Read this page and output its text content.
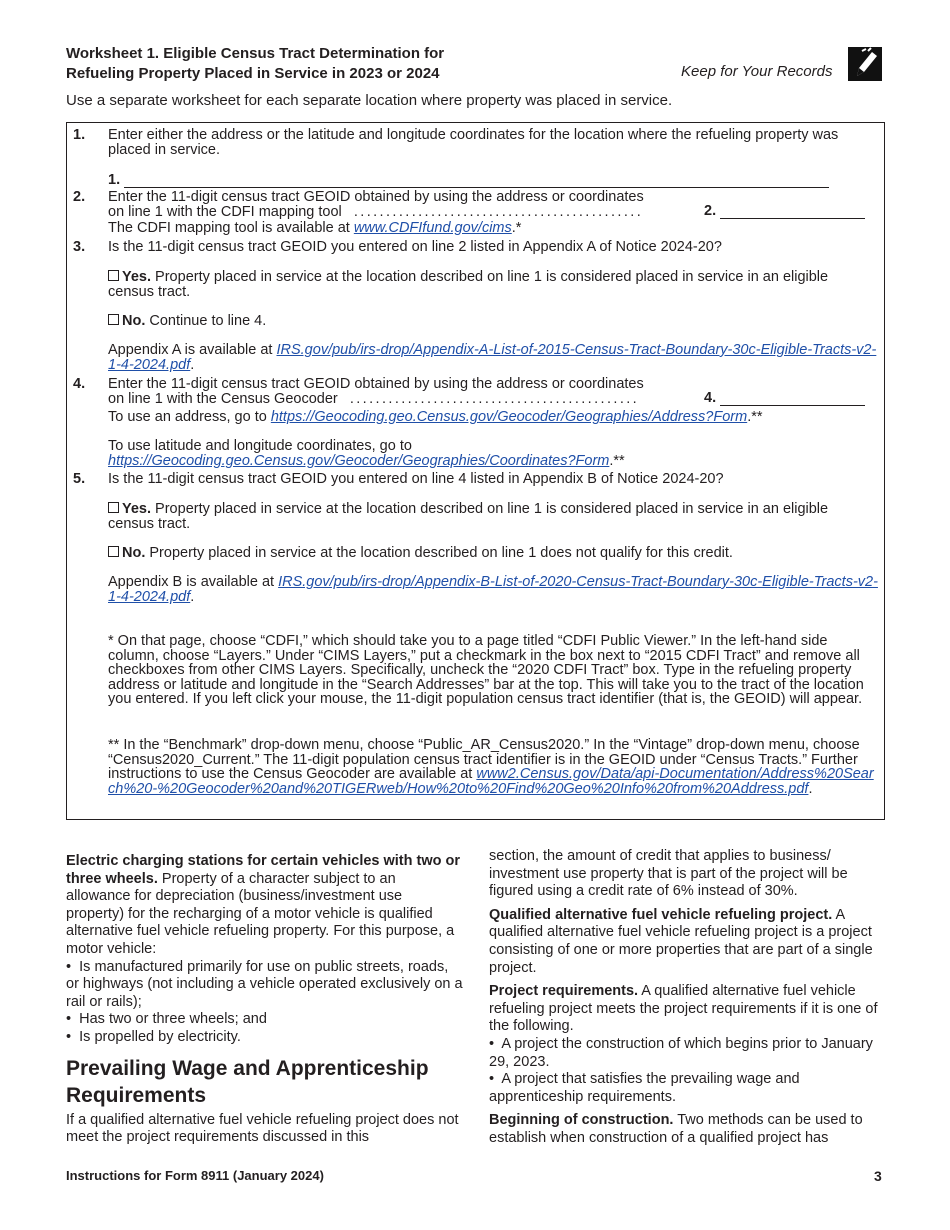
Worksheet 1. Eligible Census Tract Determination for
Refueling Property Placed in Service in 2023 or 2024	Keep for Your Records
Use a separate worksheet for each separate location where property was placed in service.
1. Enter either the address or the latitude and longitude coordinates for the location where the refueling property was placed in service.
1.
2. Enter the 11-digit census tract GEOID obtained by using the address or coordinates
on line 1 with the CDFI mapping tool .............................................	2.
The CDFI mapping tool is available at www.CDFIfund.gov/cims.*
3. Is the 11-digit census tract GEOID you entered on line 2 listed in Appendix A of Notice 2024-20?
Yes. Property placed in service at the location described on line 1 is considered placed in service in an eligible census tract.
No. Continue to line 4.
Appendix A is available at IRS.gov/pub/irs-drop/Appendix-A-List-of-2015-Census-Tract-Boundary-30c-Eligible-Tracts-v2-1-4-2024.pdf.
4. Enter the 11-digit census tract GEOID obtained by using the address or coordinates
on line 1 with the Census Geocoder .............................................	4.
To use an address, go to https://Geocoding.geo.Census.gov/Geocoder/Geographies/Address?Form.**
To use latitude and longitude coordinates, go to https://Geocoding.geo.Census.gov/Geocoder/Geographies/Coordinates?Form.**
5. Is the 11-digit census tract GEOID you entered on line 4 listed in Appendix B of Notice 2024-20?
Yes. Property placed in service at the location described on line 1 is considered placed in service in an eligible census tract.
No. Property placed in service at the location described on line 1 does not qualify for this credit.
Appendix B is available at IRS.gov/pub/irs-drop/Appendix-B-List-of-2020-Census-Tract-Boundary-30c-Eligible-Tracts-v2-1-4-2024.pdf.
* On that page, choose “CDFI,” which should take you to a page titled “CDFI Public Viewer.” In the left-hand side column, choose “Layers.” Under “CIMS Layers,” put a checkmark in the box next to “2015 CDFI Tract” and remove all checkboxes from other CIMS Layers. Specifically, uncheck the “2020 CDFI Tract” box. Type in the refueling property address or latitude and longitude in the “Search Addresses” bar at the top. This will take you to the tract of the location you entered. If you left click your mouse, the 11-digit population census tract identifier (that is, the GEOID) will appear.
** In the “Benchmark” drop-down menu, choose “Public_AR_Census2020.” In the “Vintage” drop-down menu, choose “Census2020_Current.” The 11-digit population census tract identifier is in the GEOID under “Census Tracts.” Further instructions to use the Census Geocoder are available at www2.Census.gov/Data/api-Documentation/Address%20Search%20-%20Geocoder%20and%20TIGERweb/How%20to%20Find%20Geo%20Info%20from%20Address.pdf.

Electric charging stations for certain vehicles with two or three wheels. Property of a character subject to an allowance for depreciation (business/investment use property) for the recharging of a motor vehicle is qualified alternative fuel vehicle refueling property. For this purpose, a motor vehicle:

•  Is manufactured primarily for use on public streets, roads, or highways (not including a vehicle operated exclusively on a rail or rails);
•  Has two or three wheels; and
•  Is propelled by electricity.
Prevailing Wage and Apprenticeship Requirements

If a qualified alternative fuel vehicle refueling project does not meet the project requirements discussed in this

section, the amount of credit that applies to business/ investment use property that is part of the project will be figured using a credit rate of 6% instead of 30%.

Qualified alternative fuel vehicle refueling project. A qualified alternative fuel vehicle refueling project is a project consisting of one or more properties that are part of a single project.

Project requirements. A qualified alternative fuel vehicle refueling project meets the project requirements if it is one of the following.

•  A project the construction of which begins prior to January 29, 2023.
•  A project that satisfies the prevailing wage and apprenticeship requirements.

Beginning of construction. Two methods can be used to establish when construction of a qualified project has

Instructions for Form 8911 (January 2024)	3
